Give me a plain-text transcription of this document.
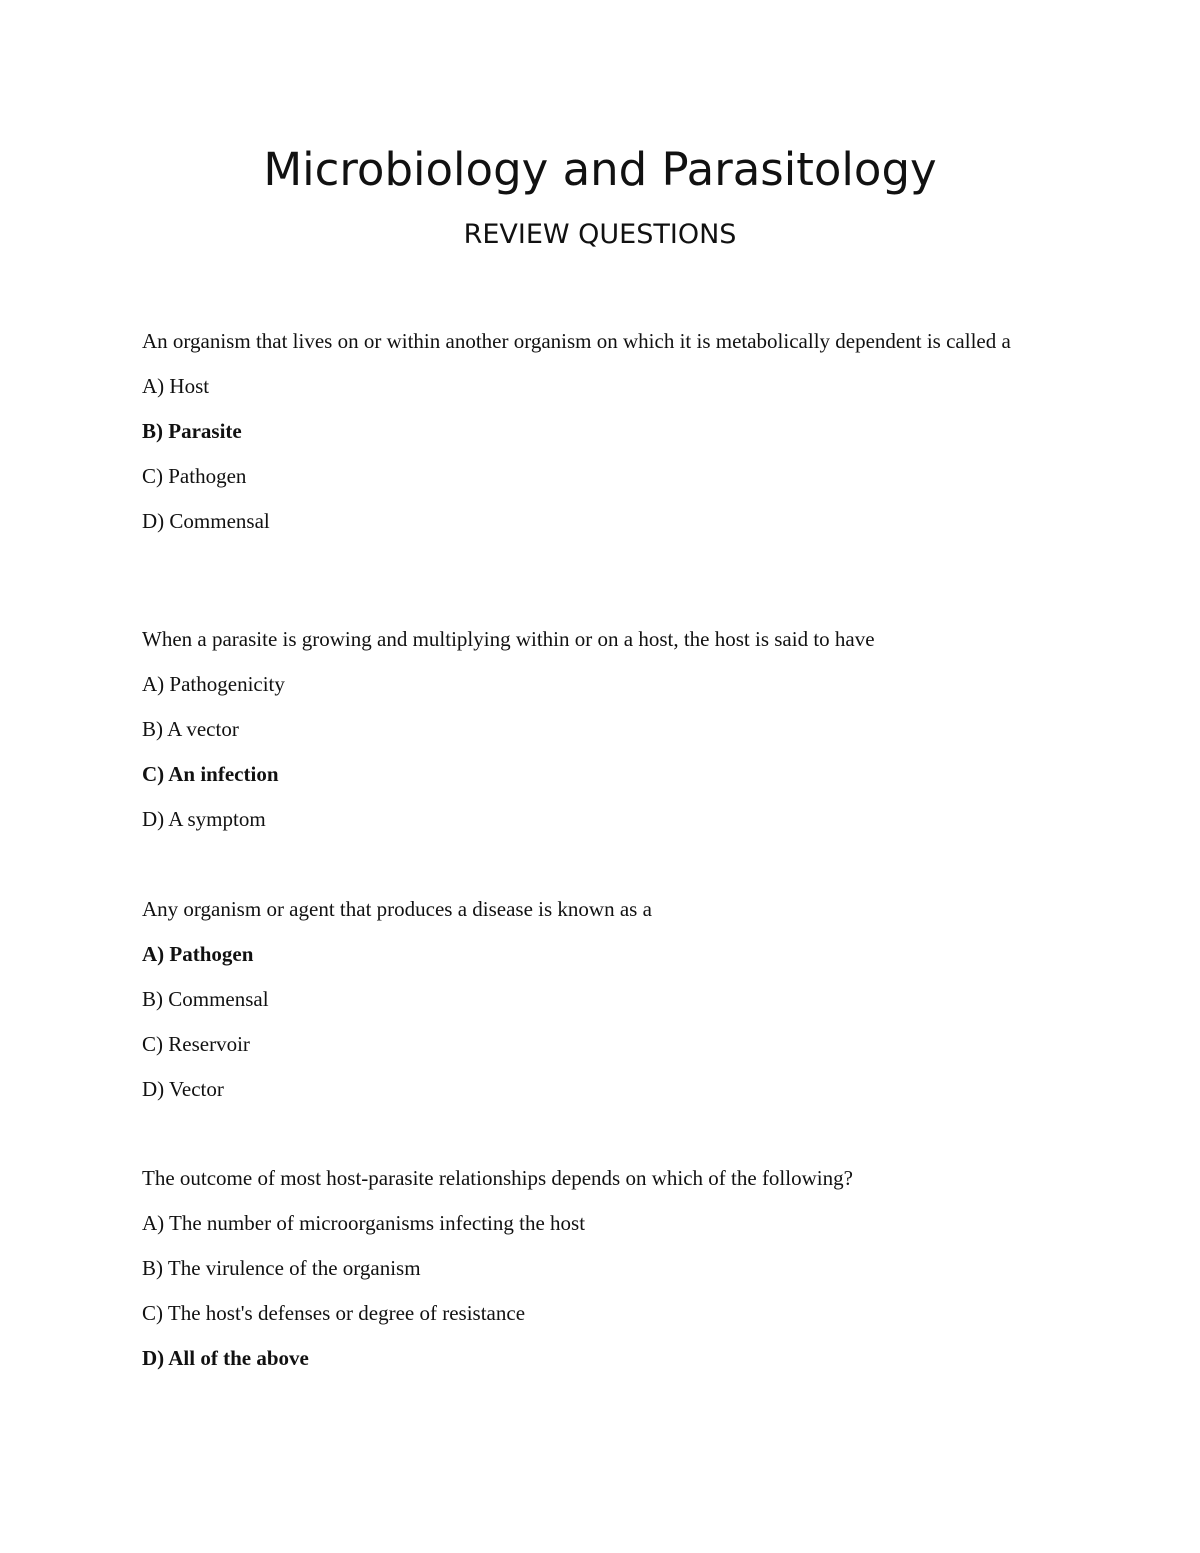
Microbiology and Parasitology
REVIEW QUESTIONS

An organism that lives on or within another organism on which it is metabolically dependent is called a

A) Host

B) Parasite

C) Pathogen

D) Commensal

When a parasite is growing and multiplying within or on a host, the host is said to have

A) Pathogenicity

B) A vector

C) An infection

D) A symptom

Any organism or agent that produces a disease is known as a

A) Pathogen

B) Commensal

C) Reservoir

D) Vector

The outcome of most host-parasite relationships depends on which of the following?

A) The number of microorganisms infecting the host

B) The virulence of the organism

C) The host's defenses or degree of resistance

D) All of the above
